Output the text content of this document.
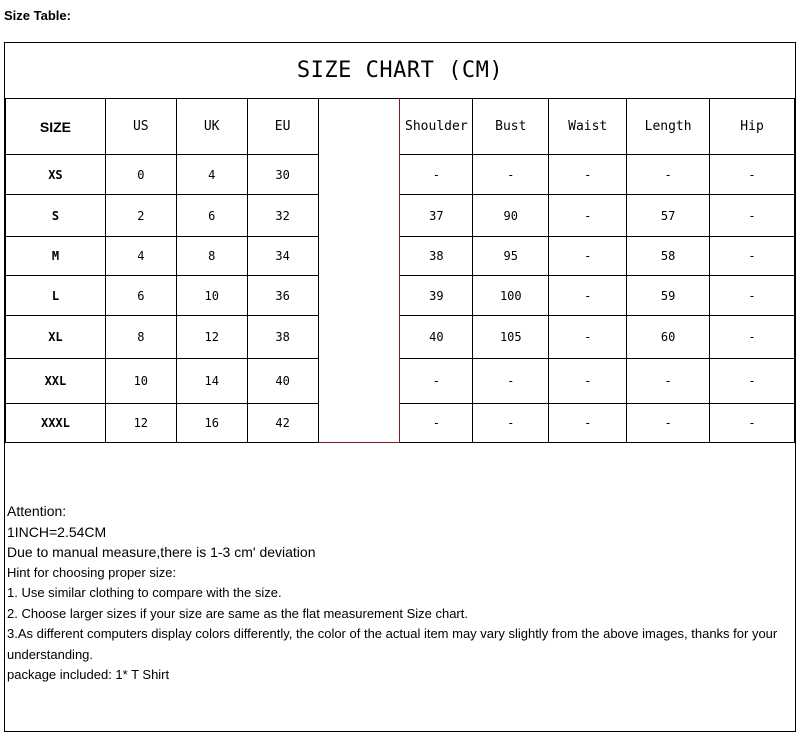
Size Table:
SIZE CHART (CM)
SIZE	US	UK	EU		Shoulder	Bust	Waist	Length	Hip
XS	0	4	30		-	-	-	-	-
S	2	6	32		37	90	-	57	-
M	4	8	34		38	95	-	58	-
L	6	10	36		39	100	-	59	-
XL	8	12	38		40	105	-	60	-
XXL	10	14	40		-	-	-	-	-
XXXL	12	16	42		-	-	-	-	-
Attention:
1INCH=2.54CM
Due to manual measure,there is 1-3 cm' deviation
Hint for choosing proper size:
1. Use similar clothing to compare with the size.
2. Choose larger sizes if your size are same as the flat measurement Size chart.
3.As different computers display colors differently, the color of the actual item may vary slightly from the above images, thanks for your understanding.
package included: 1* T Shirt
